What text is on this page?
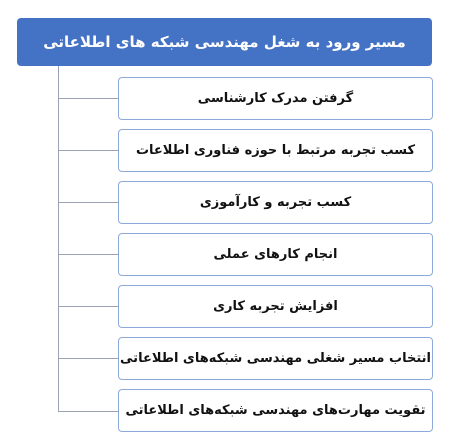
مسیر ورود به شغل مهندسی شبکه های اطلاعاتی
گرفتن مدرک کارشناسی
کسب تجربه مرتبط با حوزه فناوری اطلاعات
کسب تجربه و کارآموزی
انجام کارهای عملی
افزایش تجربه کاری
انتخاب مسیر شغلی مهندسی شبکه‌های اطلاعاتی
تقویت مهارت‌های مهندسی شبکه‌های اطلاعاتی
